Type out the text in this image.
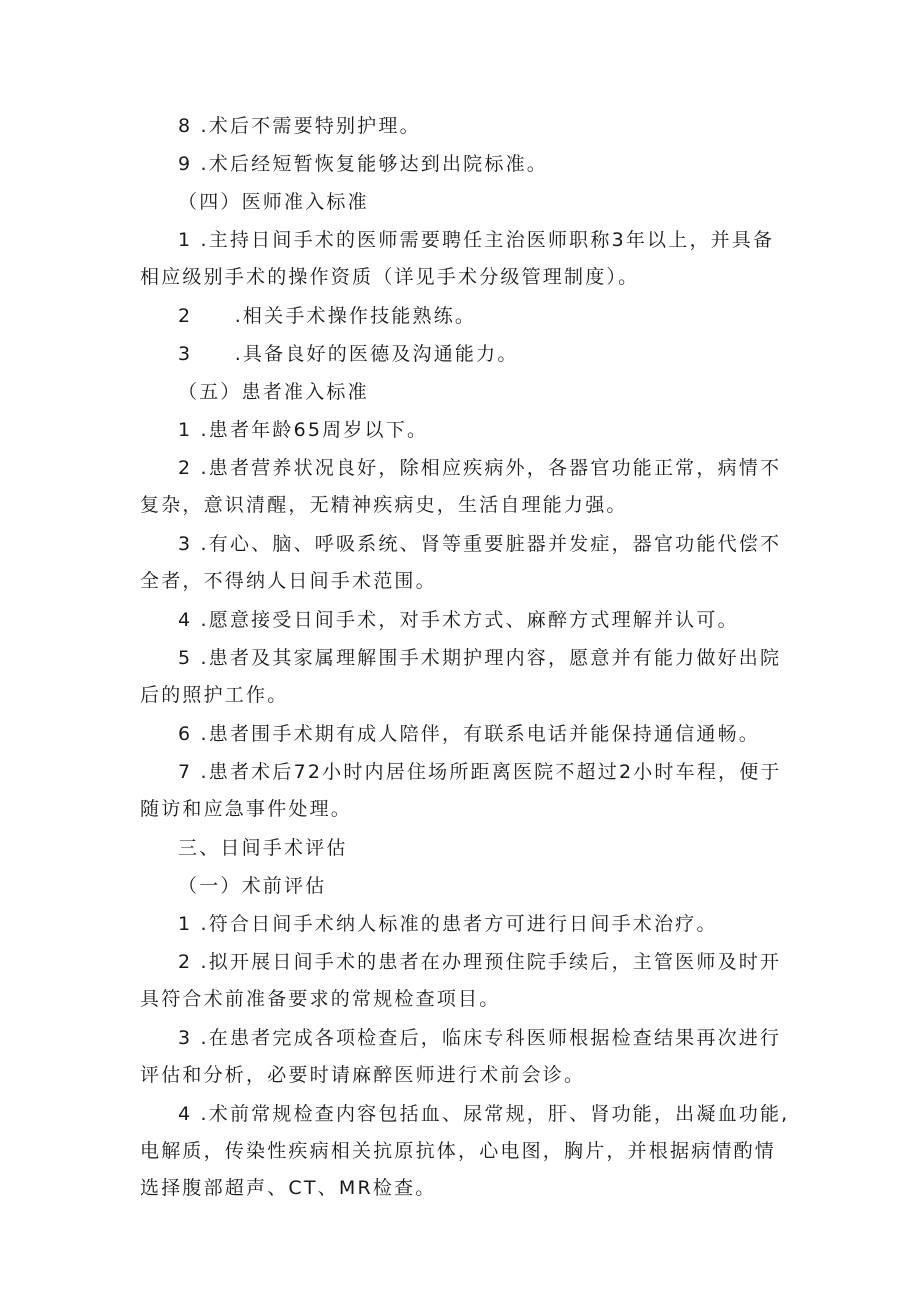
8 .术后不需要特别护理。

9 .术后经短暂恢复能够达到出院标准。

（四）医师准入标准

1 .主持日间手术的医师需要聘任主治医师职称3年以上，并具备相应级别手术的操作资质（详见手术分级管理制度）。

2　　.相关手术操作技能熟练。

3　　.具备良好的医德及沟通能力。

（五）患者准入标准

1 .患者年龄65周岁以下。

2 .患者营养状况良好，除相应疾病外，各器官功能正常，病情不复杂，意识清醒，无精神疾病史，生活自理能力强。

3 .有心、脑、呼吸系统、肾等重要脏器并发症，器官功能代偿不全者，不得纳人日间手术范围。

4 .愿意接受日间手术，对手术方式、麻醉方式理解并认可。

5 .患者及其家属理解围手术期护理内容，愿意并有能力做好出院后的照护工作。

6 .患者围手术期有成人陪伴，有联系电话并能保持通信通畅。

7 .患者术后72小时内居住场所距离医院不超过2小时车程，便于随访和应急事件处理。

三、日间手术评估

（一）术前评估

1 .符合日间手术纳人标准的患者方可进行日间手术治疗。

2 .拟开展日间手术的患者在办理预住院手续后，主管医师及时开具符合术前准备要求的常规检查项目。

3 .在患者完成各项检查后，临床专科医师根据检查结果再次进行评估和分析，必要时请麻醉医师进行术前会诊。

4 .术前常规检查内容包括血、尿常规，肝、肾功能，出凝血功能,电解质，传染性疾病相关抗原抗体，心电图，胸片，并根据病情酌情选择腹部超声、CT、MR检查。
